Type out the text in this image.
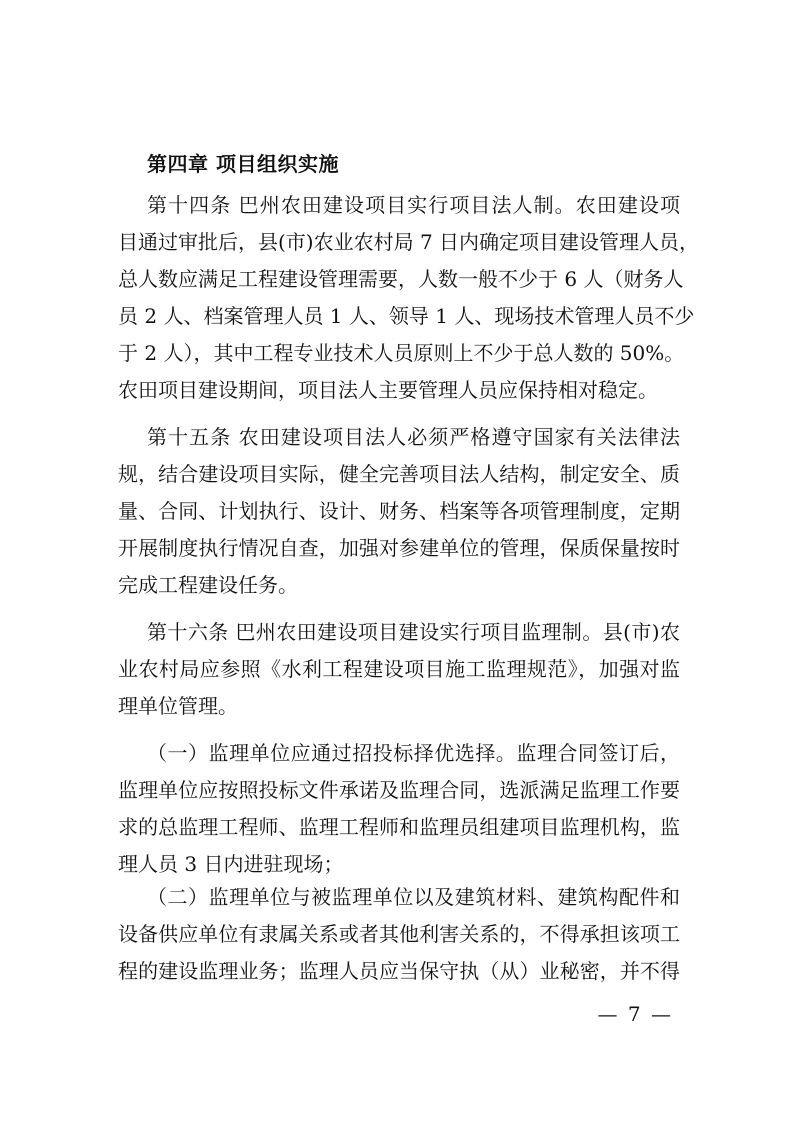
第四章 项目组织实施
第十四条 巴州农田建设项目实行项目法人制。农田建设项
目通过审批后，县(市)农业农村局 7 日内确定项目建设管理人员，
总人数应满足工程建设管理需要，人数一般不少于 6 人（财务人
员 2 人、档案管理人员 1 人、领导 1 人、现场技术管理人员不少
于 2 人），其中工程专业技术人员原则上不少于总人数的 50%。
农田项目建设期间，项目法人主要管理人员应保持相对稳定。
第十五条 农田建设项目法人必须严格遵守国家有关法律法
规，结合建设项目实际，健全完善项目法人结构，制定安全、质
量、合同、计划执行、设计、财务、档案等各项管理制度，定期
开展制度执行情况自查，加强对参建单位的管理，保质保量按时
完成工程建设任务。
第十六条 巴州农田建设项目建设实行项目监理制。县(市)农
业农村局应参照《水利工程建设项目施工监理规范》，加强对监
理单位管理。
（一）监理单位应通过招投标择优选择。监理合同签订后，
监理单位应按照投标文件承诺及监理合同，选派满足监理工作要
求的总监理工程师、监理工程师和监理员组建项目监理机构，监
理人员 3 日内进驻现场；
（二）监理单位与被监理单位以及建筑材料、建筑构配件和
设备供应单位有隶属关系或者其他利害关系的，不得承担该项工
程的建设监理业务；监理人员应当保守执（从）业秘密，并不得
— 7 —
